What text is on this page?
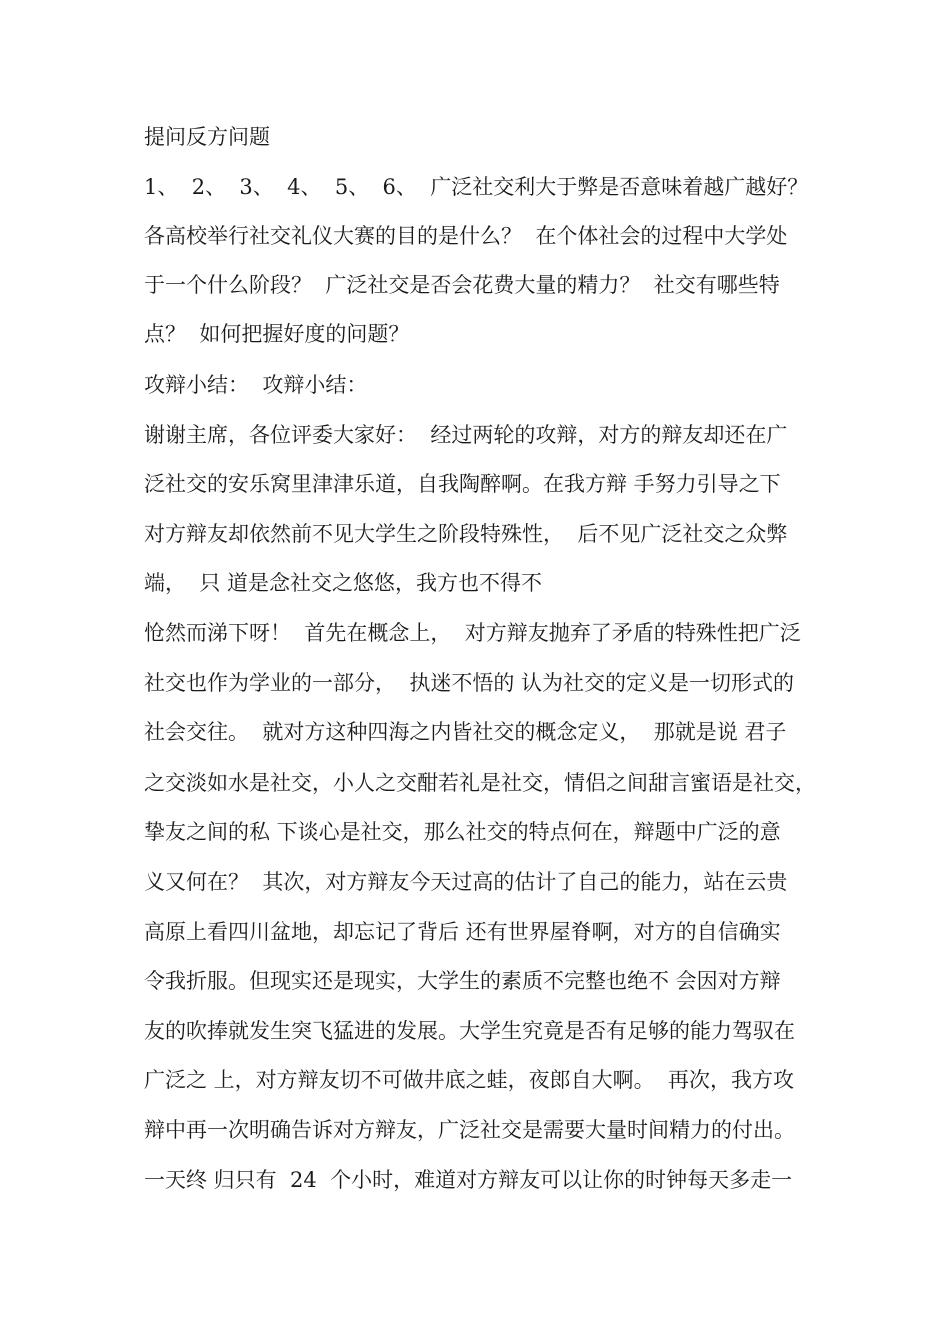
提问反方问题
1、  2、  3、  4、  5、  6、  广泛社交利大于弊是否意味着越广越好？
各高校举行社交礼仪大赛的目的是什么？  在个体社会的过程中大学处
于一个什么阶段？  广泛社交是否会花费大量的精力？  社交有哪些特
点？  如何把握好度的问题？
攻辩小结：  攻辩小结：
谢谢主席，各位评委大家好：  经过两轮的攻辩，对方的辩友却还在广
泛社交的安乐窝里津津乐道，自我陶醉啊。在我方辩 手努力引导之下
对方辩友却依然前不见大学生之阶段特殊性，  后不见广泛社交之众弊
端，  只 道是念社交之悠悠，我方也不得不
怆然而涕下呀！  首先在概念上，  对方辩友抛弃了矛盾的特殊性把广泛
社交也作为学业的一部分，  执迷不悟的 认为社交的定义是一切形式的
社会交往。  就对方这种四海之内皆社交的概念定义，  那就是说 君子
之交淡如水是社交，小人之交酣若礼是社交，情侣之间甜言蜜语是社交，
挚友之间的私 下谈心是社交，那么社交的特点何在，辩题中广泛的意
义又何在？  其次，对方辩友今天过高的估计了自己的能力，站在云贵
高原上看四川盆地，却忘记了背后 还有世界屋脊啊，对方的自信确实
令我折服。但现实还是现实，大学生的素质不完整也绝不 会因对方辩
友的吹捧就发生突飞猛进的发展。大学生究竟是否有足够的能力驾驭在
广泛之 上，对方辩友切不可做井底之蛙，夜郎自大啊。  再次，我方攻
辩中再一次明确告诉对方辩友，广泛社交是需要大量时间精力的付出。
一天终 归只有  24  个小时，难道对方辩友可以让你的时钟每天多走一
